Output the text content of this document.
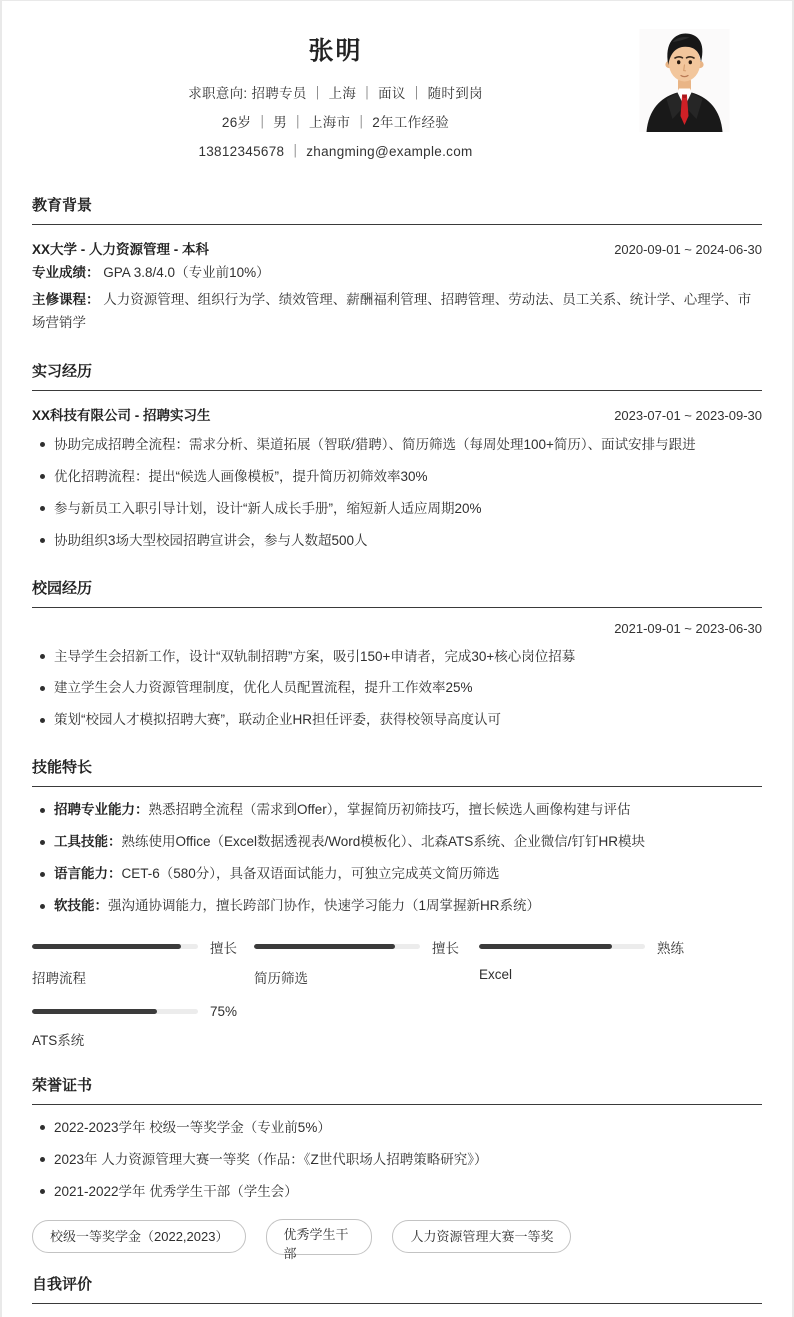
张明
求职意向: 招聘专员 ｜ 上海 ｜ 面议 ｜ 随时到岗
26岁 ｜ 男 ｜ 上海市 ｜ 2年工作经验
13812345678 ｜ zhangming@example.com
教育背景
XX大学 - 人力资源管理 - 本科	2020-09-01 ~ 2024-06-30
专业成绩： GPA 3.8/4.0（专业前10%）
主修课程： 人力资源管理、组织行为学、绩效管理、薪酬福利管理、招聘管理、劳动法、员工关系、统计学、心理学、市场营销学
实习经历
XX科技有限公司 - 招聘实习生	2023-07-01 ~ 2023-09-30
协助完成招聘全流程：需求分析、渠道拓展（智联/猎聘）、简历筛选（每周处理100+简历）、面试安排与跟进
优化招聘流程：提出“候选人画像模板”，提升简历初筛效率30%
参与新员工入职引导计划，设计“新人成长手册”，缩短新人适应周期20%
协助组织3场大型校园招聘宣讲会，参与人数超500人
校园经历
2021-09-01 ~ 2023-06-30
主导学生会招新工作，设计“双轨制招聘”方案，吸引150+申请者，完成30+核心岗位招募
建立学生会人力资源管理制度，优化人员配置流程，提升工作效率25%
策划“校园人才模拟招聘大赛”，联动企业HR担任评委，获得校领导高度认可
技能特长
招聘专业能力：熟悉招聘全流程（需求到Offer），掌握简历初筛技巧，擅长候选人画像构建与评估
工具技能：熟练使用Office（Excel数据透视表/Word模板化）、北森ATS系统、企业微信/钉钉HR模块
语言能力：CET-6（580分），具备双语面试能力，可独立完成英文简历筛选
软技能：强沟通协调能力，擅长跨部门协作，快速学习能力（1周掌握新HR系统）
擅长
招聘流程
擅长
简历筛选
熟练
Excel
75%
ATS系统
荣誉证书
2022-2023学年 校级一等奖学金（专业前5%）
2023年 人力资源管理大赛一等奖（作品：《Z世代职场人招聘策略研究》）
2021-2022学年 优秀学生干部（学生会）
校级一等奖学金（2022,2023）	优秀学生干部
人力资源管理大赛一等奖
自我评价
